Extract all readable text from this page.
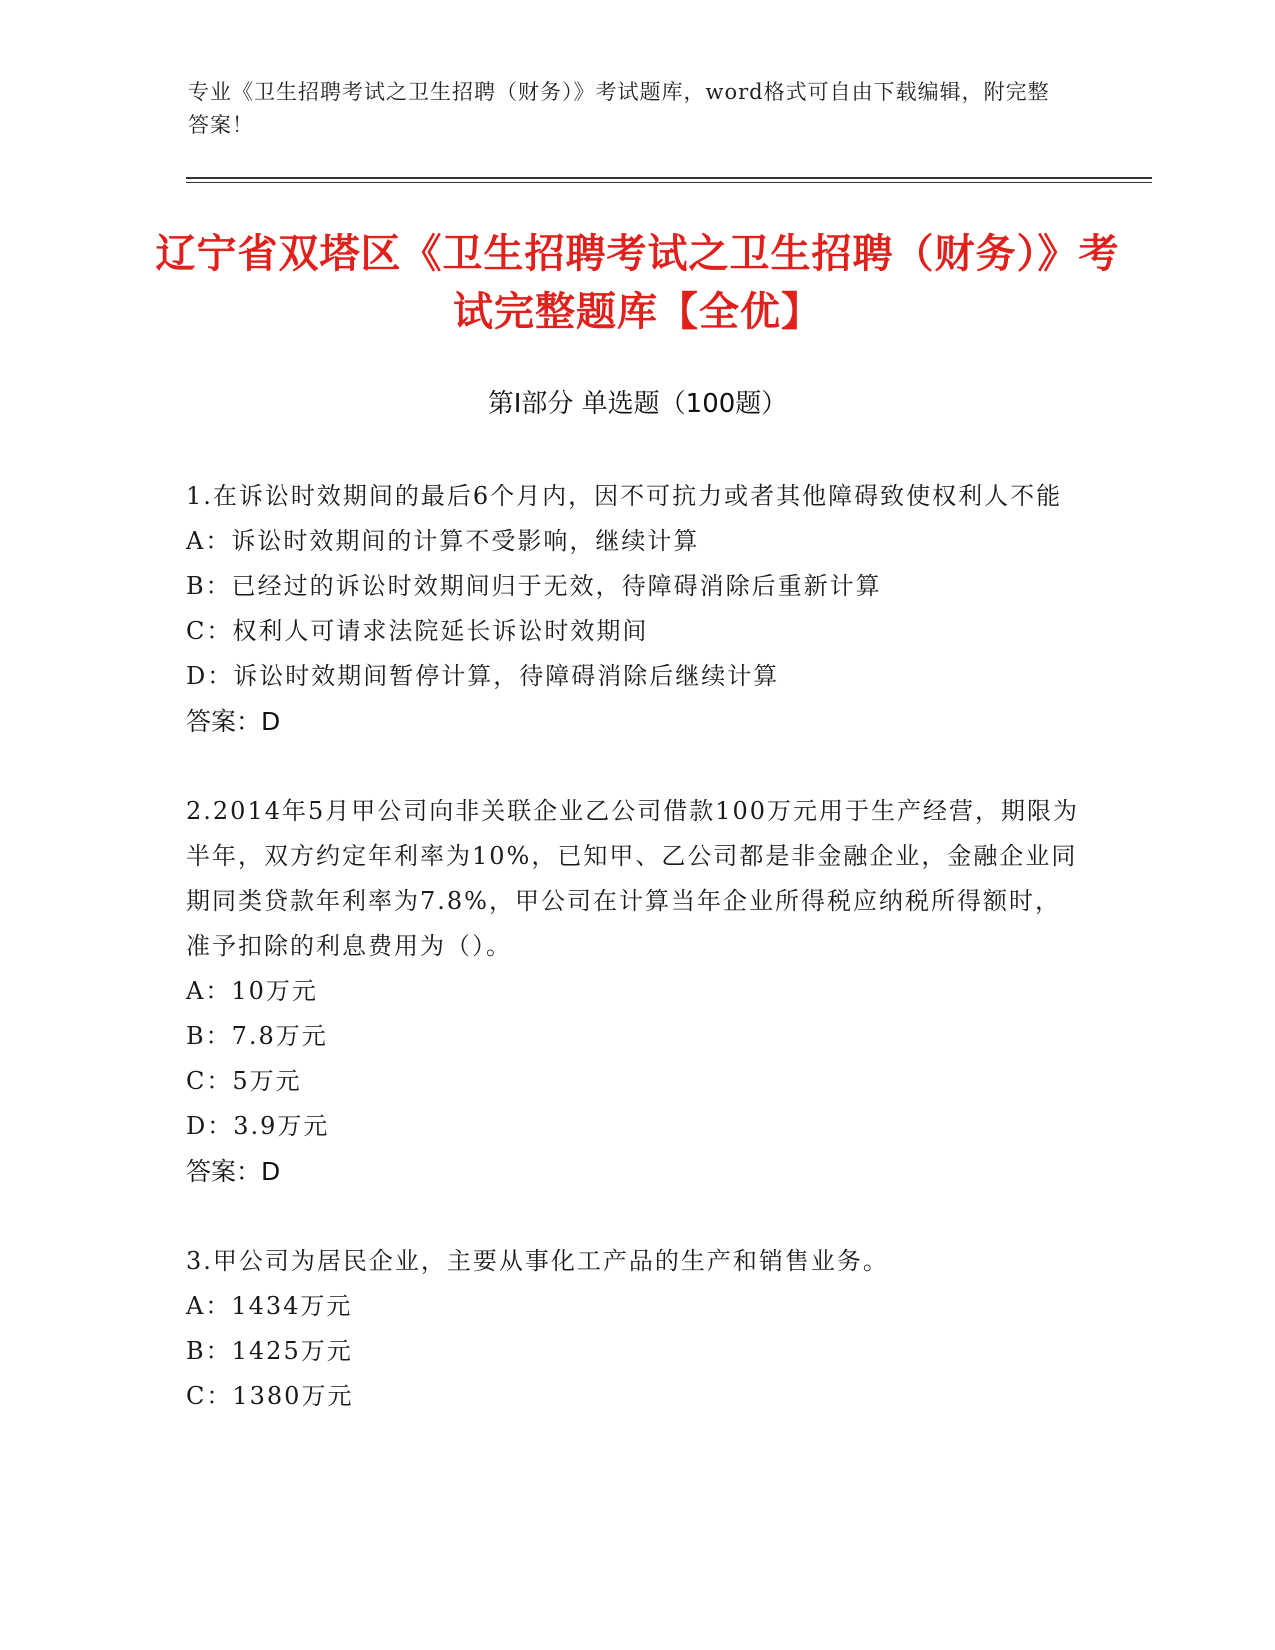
专业《卫生招聘考试之卫生招聘（财务）》考试题库，word格式可自由下载编辑，附完整答案！
辽宁省双塔区《卫生招聘考试之卫生招聘（财务）》考试完整题库【全优】
第I部分 单选题（100题）
1.在诉讼时效期间的最后6个月内，因不可抗力或者其他障碍致使权利人不能
A：诉讼时效期间的计算不受影响，继续计算
B：已经过的诉讼时效期间归于无效，待障碍消除后重新计算
C：权利人可请求法院延长诉讼时效期间
D：诉讼时效期间暂停计算，待障碍消除后继续计算
答案：D
2.2014年5月甲公司向非关联企业乙公司借款100万元用于生产经营，期限为半年，双方约定年利率为10%，已知甲、乙公司都是非金融企业，金融企业同期同类贷款年利率为7.8%，甲公司在计算当年企业所得税应纳税所得额时，准予扣除的利息费用为（）。
A：10万元
B：7.8万元
C：5万元
D：3.9万元
答案：D
3.甲公司为居民企业，主要从事化工产品的生产和销售业务。
A：1434万元
B：1425万元
C：1380万元
